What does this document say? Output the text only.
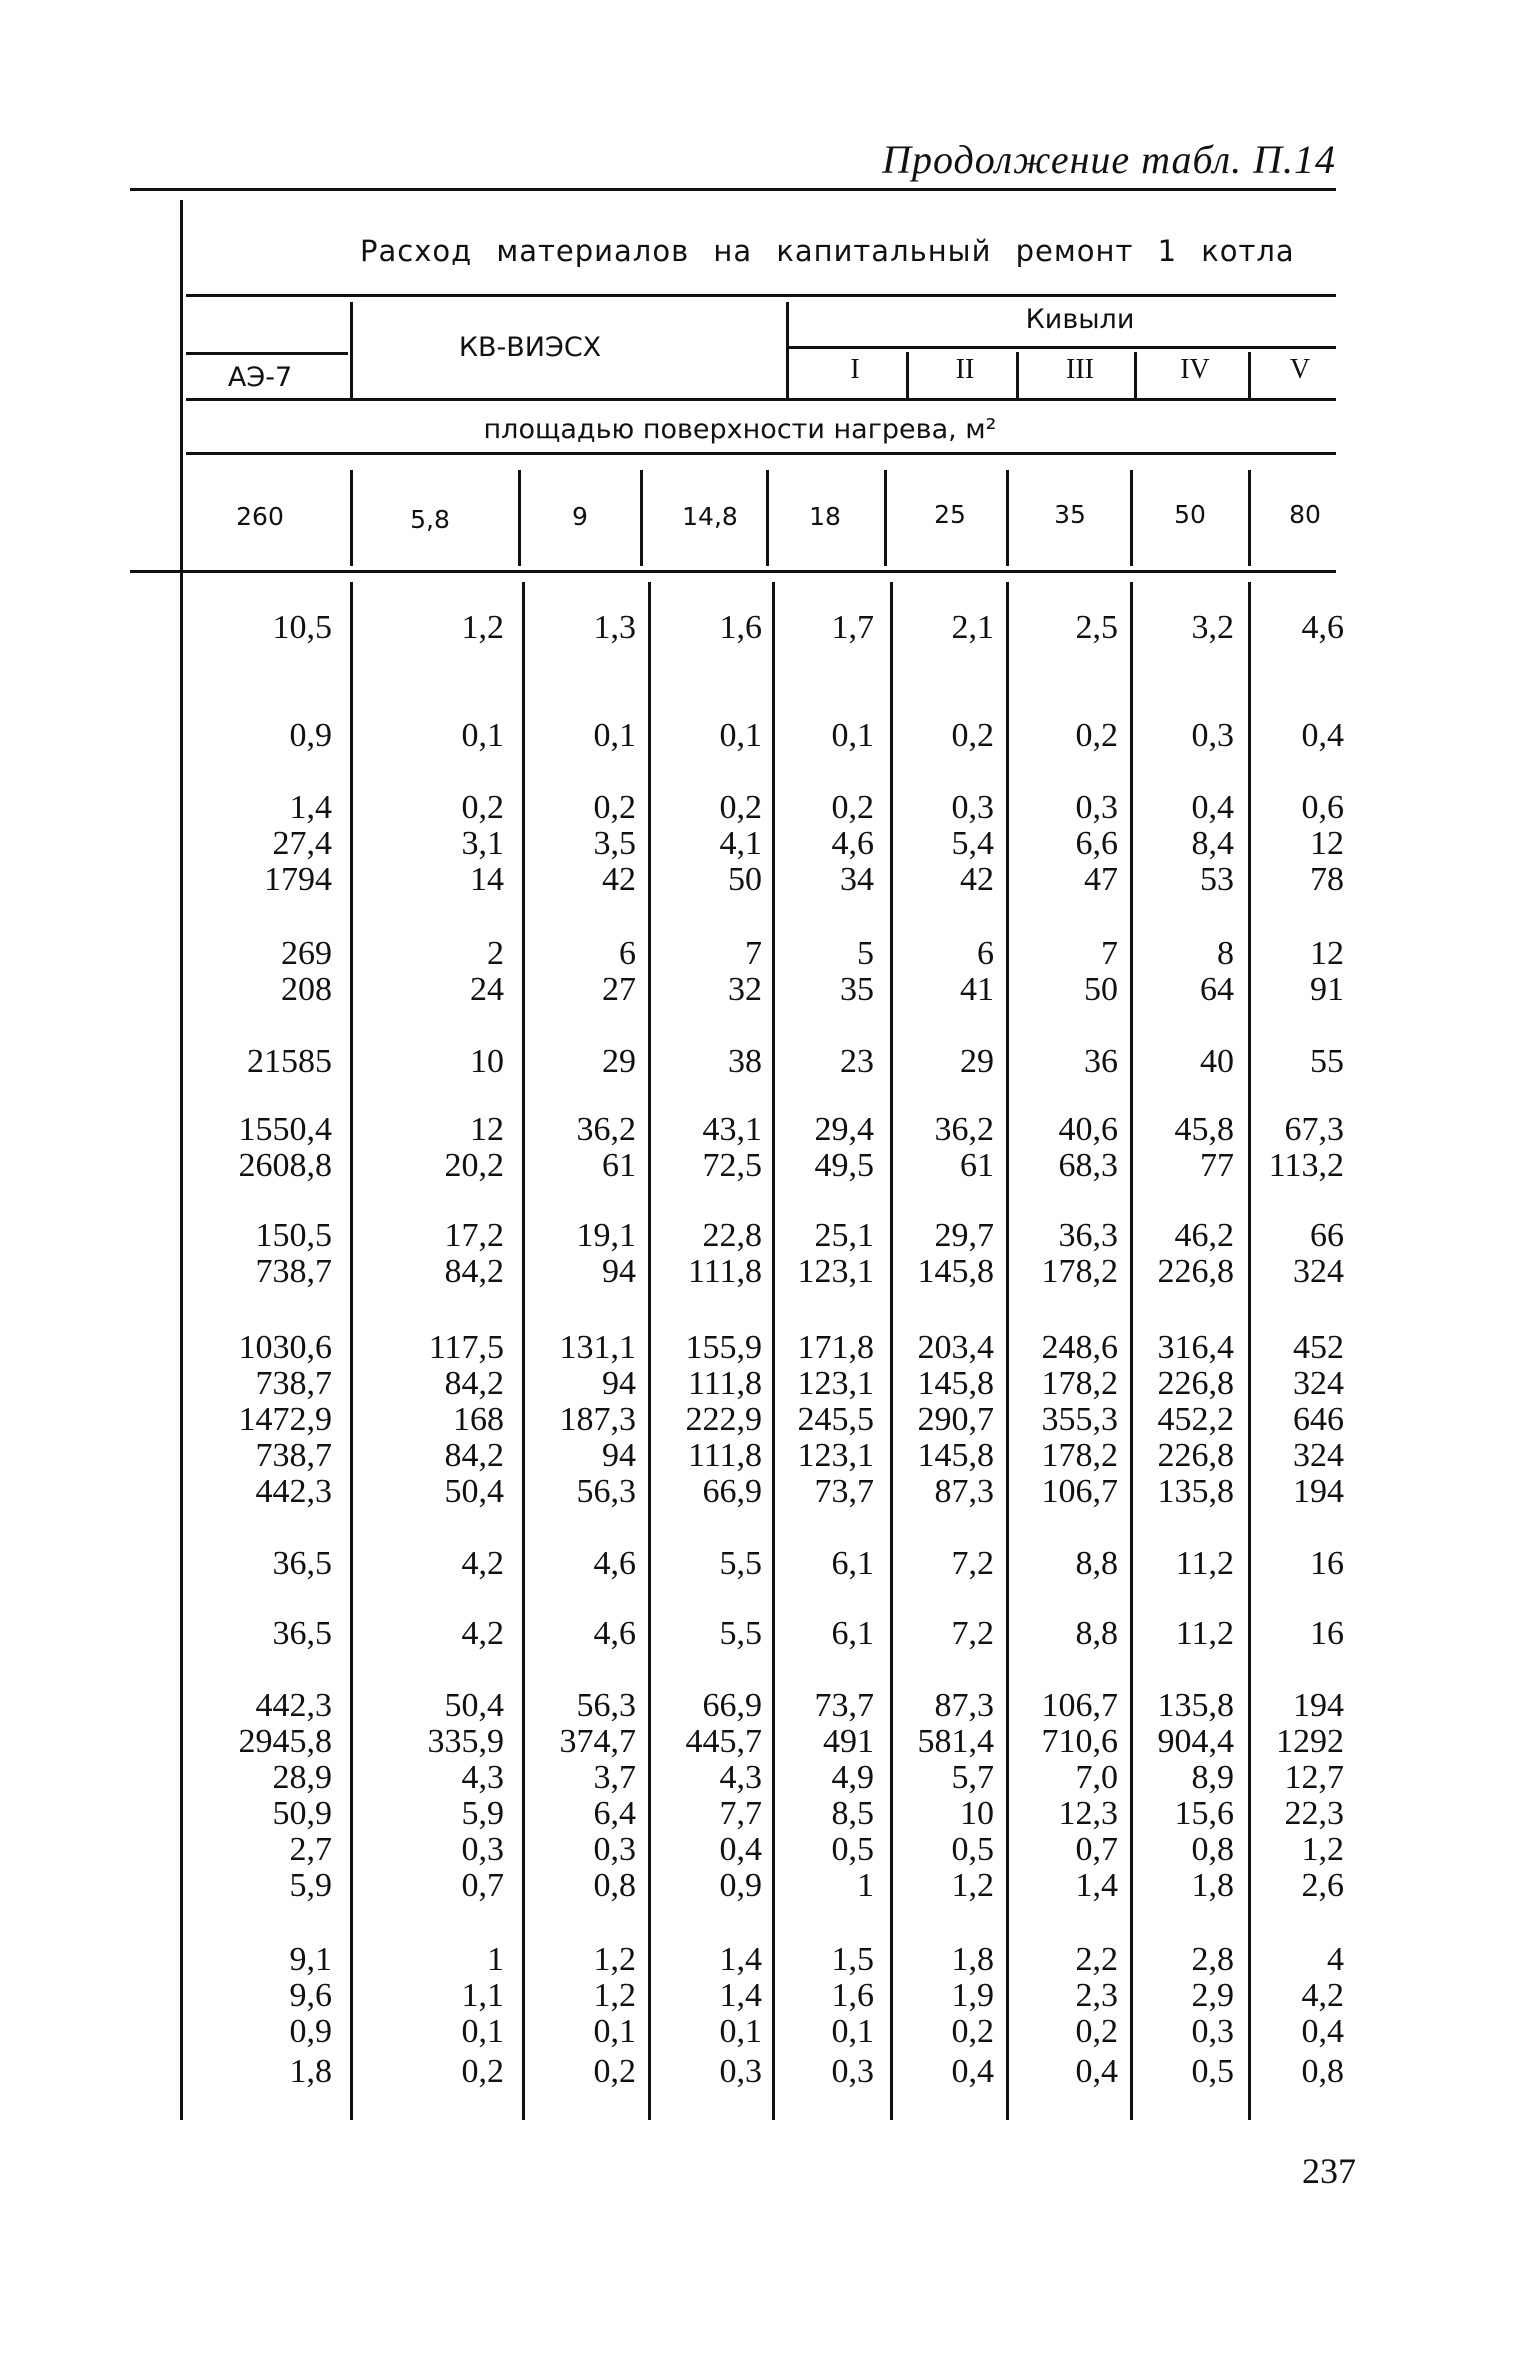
Продолжение табл. П.14
237
Расход материалов на капитальный ремонт 1 котла
АЭ-7
КВ-ВИЭСХ
Кивыли
I	II	III	IV	V
площадью поверхности нагрева, м²
260	5,8	9	14,8	18	25	35	50	80
10,5	1,2	1,3	1,6	1,7	2,1	2,5	3,2	4,6
0,9	0,1	0,1	0,1	0,1	0,2	0,2	0,3	0,4
1,4	0,2	0,2	0,2	0,2	0,3	0,3	0,4	0,6
27,4	3,1	3,5	4,1	4,6	5,4	6,6	8,4	12
1794	14	42	50	34	42	47	53	78
269	2	6	7	5	6	7	8	12
208	24	27	32	35	41	50	64	91
21585	10	29	38	23	29	36	40	55
1550,4	12	36,2	43,1	29,4	36,2	40,6	45,8	67,3
2608,8	20,2	61	72,5	49,5	61	68,3	77	113,2
150,5	17,2	19,1	22,8	25,1	29,7	36,3	46,2	66
738,7	84,2	94	111,8	123,1	145,8	178,2	226,8	324
1030,6	117,5	131,1	155,9	171,8	203,4	248,6	316,4	452
738,7	84,2	94	111,8	123,1	145,8	178,2	226,8	324
1472,9	168	187,3	222,9	245,5	290,7	355,3	452,2	646
738,7	84,2	94	111,8	123,1	145,8	178,2	226,8	324
442,3	50,4	56,3	66,9	73,7	87,3	106,7	135,8	194
36,5	4,2	4,6	5,5	6,1	7,2	8,8	11,2	16
36,5	4,2	4,6	5,5	6,1	7,2	8,8	11,2	16
442,3	50,4	56,3	66,9	73,7	87,3	106,7	135,8	194
2945,8	335,9	374,7	445,7	491	581,4	710,6	904,4	1292
28,9	4,3	3,7	4,3	4,9	5,7	7,0	8,9	12,7
50,9	5,9	6,4	7,7	8,5	10	12,3	15,6	22,3
2,7	0,3	0,3	0,4	0,5	0,5	0,7	0,8	1,2
5,9	0,7	0,8	0,9	1	1,2	1,4	1,8	2,6
9,1	1	1,2	1,4	1,5	1,8	2,2	2,8	4
9,6	1,1	1,2	1,4	1,6	1,9	2,3	2,9	4,2
0,9	0,1	0,1	0,1	0,1	0,2	0,2	0,3	0,4
1,8	0,2	0,2	0,3	0,3	0,4	0,4	0,5	0,8
